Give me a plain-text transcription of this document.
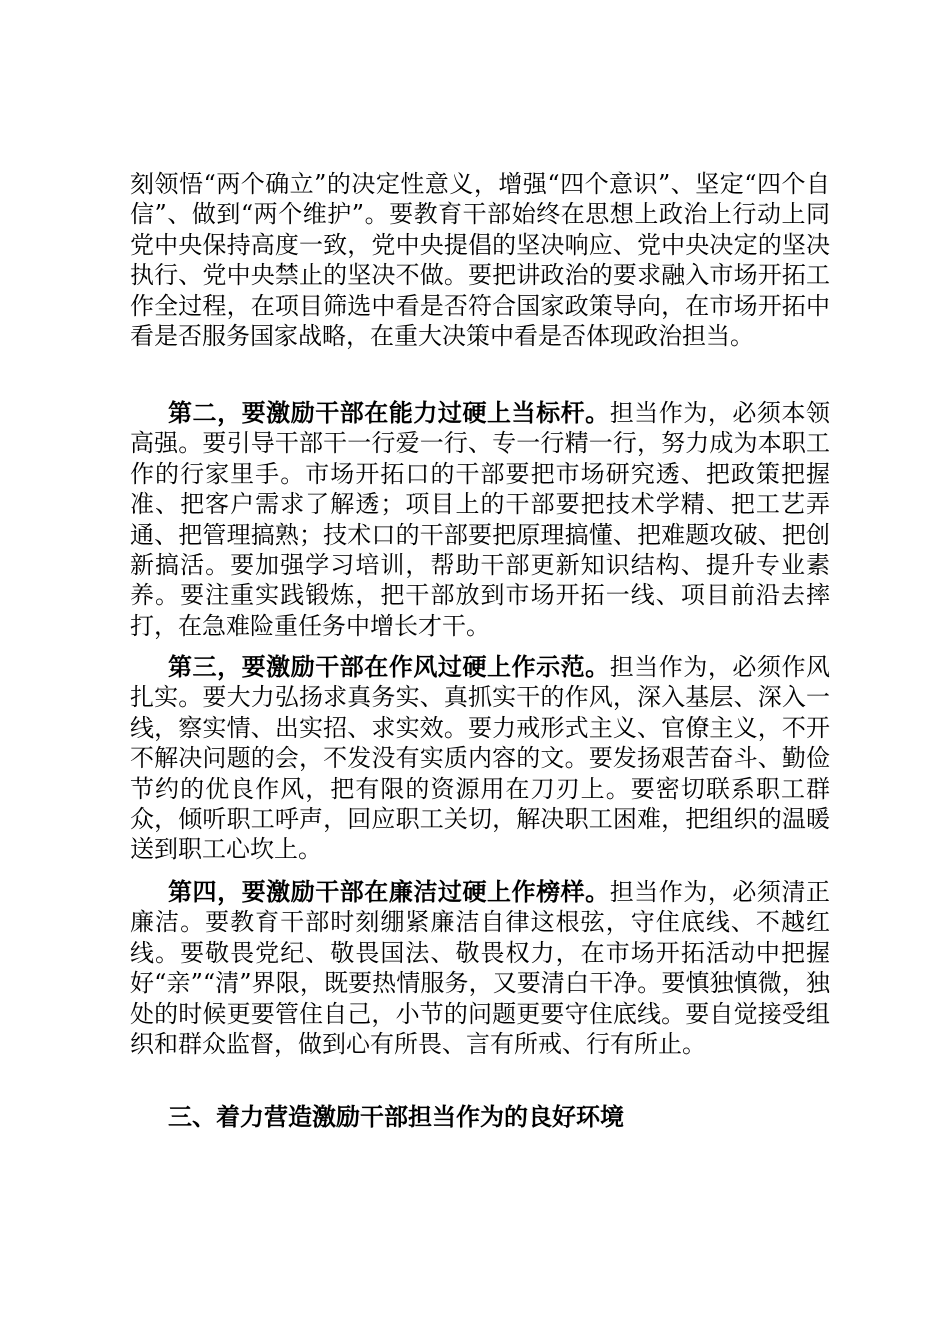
刻领悟“两个确立”的决定性意义，增强“四个意识”、坚定“四个自信”、做到“两个维护”。要教育干部始终在思想上政治上行动上同党中央保持高度一致，党中央提倡的坚决响应、党中央决定的坚决执行、党中央禁止的坚决不做。要把讲政治的要求融入市场开拓工作全过程，在项目筛选中看是否符合国家政策导向，在市场开拓中看是否服务国家战略，在重大决策中看是否体现政治担当。

第二，要激励干部在能力过硬上当标杆。担当作为，必须本领高强。要引导干部干一行爱一行、专一行精一行，努力成为本职工作的行家里手。市场开拓口的干部要把市场研究透、把政策把握准、把客户需求了解透；项目上的干部要把技术学精、把工艺弄通、把管理搞熟；技术口的干部要把原理搞懂、把难题攻破、把创新搞活。要加强学习培训，帮助干部更新知识结构、提升专业素养。要注重实践锻炼，把干部放到市场开拓一线、项目前沿去摔打，在急难险重任务中增长才干。

第三，要激励干部在作风过硬上作示范。担当作为，必须作风扎实。要大力弘扬求真务实、真抓实干的作风，深入基层、深入一线，察实情、出实招、求实效。要力戒形式主义、官僚主义，不开不解决问题的会，不发没有实质内容的文。要发扬艰苦奋斗、勤俭节约的优良作风，把有限的资源用在刀刃上。要密切联系职工群众，倾听职工呼声，回应职工关切，解决职工困难，把组织的温暖送到职工心坎上。

第四，要激励干部在廉洁过硬上作榜样。担当作为，必须清正廉洁。要教育干部时刻绷紧廉洁自律这根弦，守住底线、不越红线。要敬畏党纪、敬畏国法、敬畏权力，在市场开拓活动中把握好“亲”“清”界限，既要热情服务，又要清白干净。要慎独慎微，独处的时候更要管住自己，小节的问题更要守住底线。要自觉接受组织和群众监督，做到心有所畏、言有所戒、行有所止。

三、着力营造激励干部担当作为的良好环境
